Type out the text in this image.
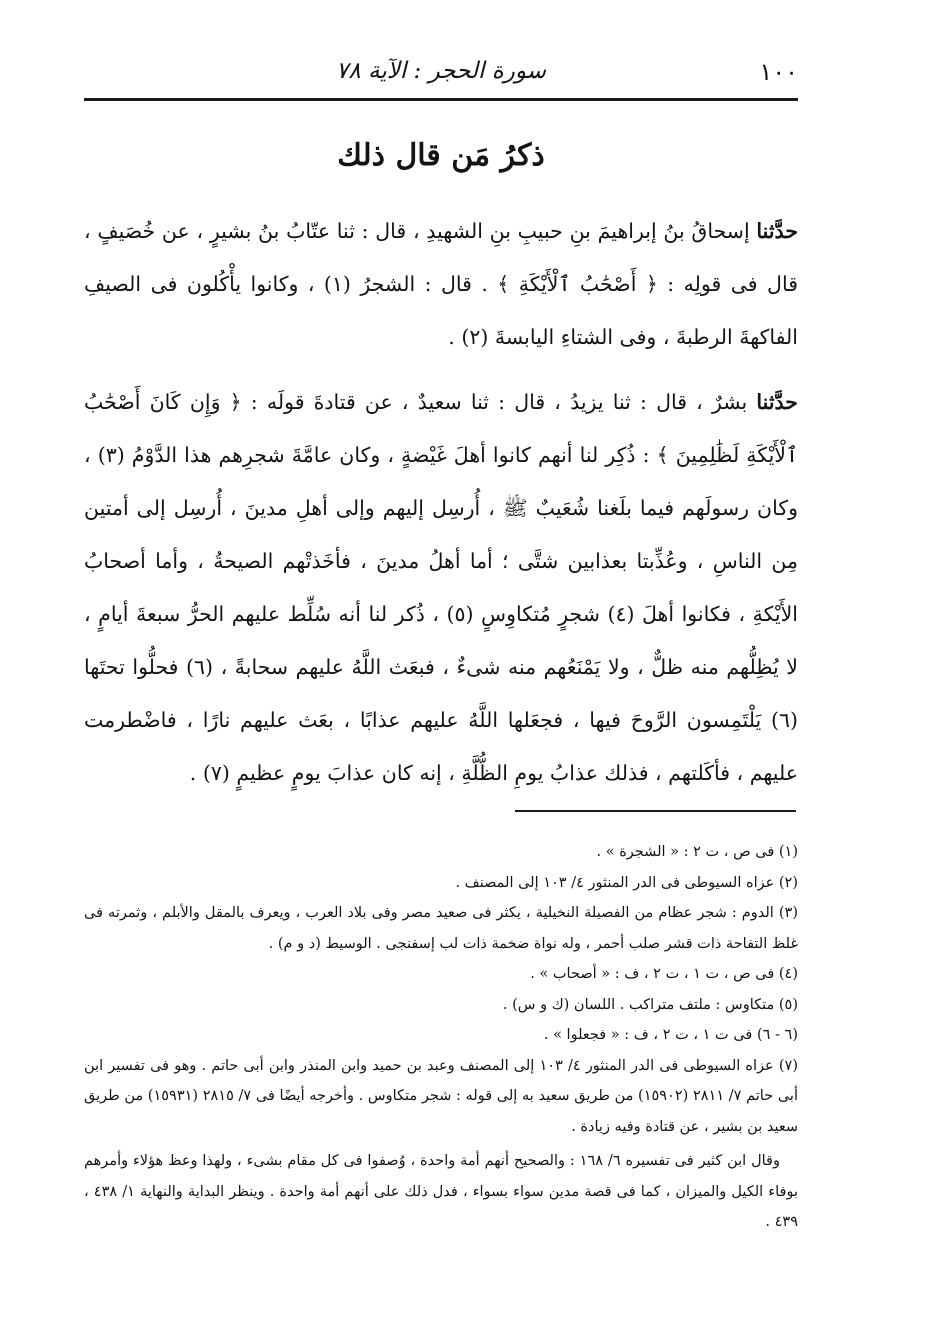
١٠٠
سورة الحجر : الآية ٧٨
ذكرُ مَن قال ذلك

حدَّثنا إسحاقُ بنُ إبراهيمَ بنِ حبيبِ بنِ الشهيدِ ، قال : ثنا عتّابُ بنُ بشيرٍ ، عن خُصَيفٍ ، قال فى قولِه : ﴿ أَصْحَٰبُ ٱلْأَيْكَةِ ﴾ . قال : الشجرُ (١) ، وكانوا يأْكُلون فى الصيفِ الفاكهةَ الرطبةَ ، وفى الشتاءِ اليابسةَ (٢) .

حدَّثنا بشرٌ ، قال : ثنا يزيدُ ، قال : ثنا سعيدٌ ، عن قتادةَ قولَه : ﴿ وَإِن كَانَ أَصْحَٰبُ ٱلْأَيْكَةِ لَظَٰلِمِينَ ﴾ : ذُكِر لنا أنهم كانوا أهلَ غَيْضةٍ ، وكان عامَّةَ شجرِهم هذا الدَّوْمُ (٣) ، وكان رسولَهم فيما بلَغنا شُعَيبٌ ﷺ ، أُرسِل إليهم وإلى أهلِ مدينَ ، أُرسِل إلى أمتين مِن الناسِ ، وعُذِّبتا بعذابين شتَّى ؛ أما أهلُ مدينَ ، فأخَذتْهم الصيحةُ ، وأما أصحابُ الأَيْكةِ ، فكانوا أهلَ (٤) شجرٍ مُتكاوِسٍ (٥) ، ذُكر لنا أنه سُلِّط عليهم الحرُّ سبعةَ أيامٍ ، لا يُظِلُّهم منه ظلٌّ ، ولا يَمْنَعُهم منه شىءٌ ، فبعَث اللَّهُ عليهم سحابةً ، (٦) فحلُّوا تحتَها (٦) يَلْتَمِسون الرَّوحَ فيها ، فجعَلها اللَّهُ عليهم عذابًا ، بعَث عليهم نارًا ، فاضْطرمت عليهم ، فأكَلتهم ، فذلك عذابُ يومِ الظُّلَّةِ ، إنه كان عذابَ يومٍ عظيمٍ (٧) .

(١) فى ص ، ت ٢ : « الشجرة » .

(٢) عزاه السيوطى فى الدر المنثور ٤/ ١٠٣ إلى المصنف .

(٣) الدوم : شجر عظام من الفصيلة النخيلية ، يكثر فى صعيد مصر وفى بلاد العرب ، ويعرف بالمقل والأبلم ، وثمرته فى غلظ التفاحة ذات قشر صلب أحمر ، وله نواة ضخمة ذات لب إسفنجى . الوسيط (د و م) .

(٤) فى ص ، ت ١ ، ت ٢ ، ف : « أصحاب » .

(٥) متكاوس : ملتف متراكب . اللسان (ك و س) .

(٦ - ٦) فى ت ١ ، ت ٢ ، ف : « فجعلوا » .

(٧) عزاه السيوطى فى الدر المنثور ٤/ ١٠٣ إلى المصنف وعبد بن حميد وابن المنذر وابن أبى حاتم . وهو فى تفسير ابن أبى حاتم ٧/ ٢٨١١ (١٥٩٠٢) من طريق سعيد به إلى قوله : شجر متكاوس . وأخرجه أيضًا فى ٧/ ٢٨١٥ (١٥٩٣١) من طريق سعيد بن بشير ، عن قتادة وفيه زيادة .

وقال ابن كثير فى تفسيره ٦/ ١٦٨ : والصحيح أنهم أمة واحدة ، وُصفوا فى كل مقام بشىء ، ولهذا وعظ هؤلاء وأمرهم بوفاء الكيل والميزان ، كما فى قصة مدين سواء بسواء ، فدل ذلك على أنهم أمة واحدة . وينظر البداية والنهاية ١/ ٤٣٨ ، ٤٣٩ .
